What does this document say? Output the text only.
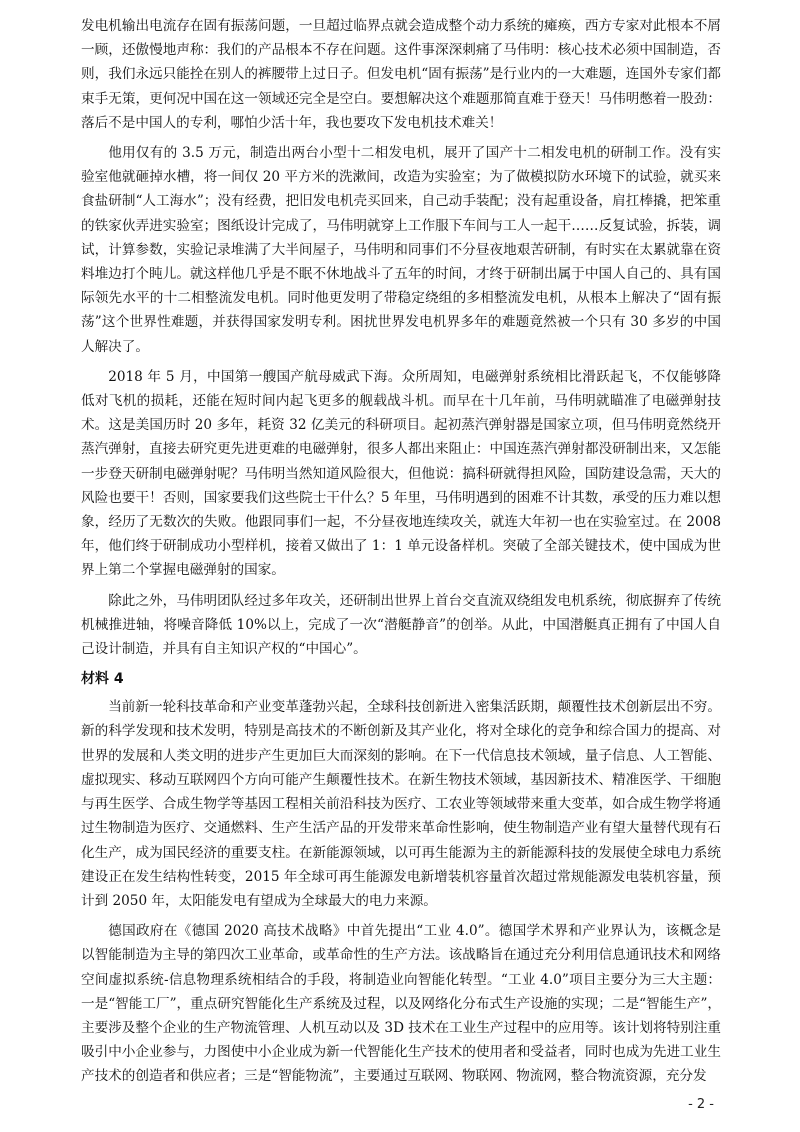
发电机输出电流存在固有振荡问题，一旦超过临界点就会造成整个动力系统的瘫痪，西方专家对此根本不屑一顾，还傲慢地声称：我们的产品根本不存在问题。这件事深深刺痛了马伟明：核心技术必须中国制造，否则，我们永远只能拴在别人的裤腰带上过日子。但发电机“固有振荡”是行业内的一大难题，连国外专家们都束手无策，更何况中国在这一领域还完全是空白。要想解决这个难题那简直难于登天！马伟明憋着一股劲：落后不是中国人的专利，哪怕少活十年，我也要攻下发电机技术难关！

他用仅有的 3.5 万元，制造出两台小型十二相发电机，展开了国产十二相发电机的研制工作。没有实验室他就砸掉水槽，将一间仅 20 平方米的洗漱间，改造为实验室；为了做模拟防水环境下的试验，就买来食盐研制“人工海水”；没有经费，把旧发电机壳买回来，自己动手装配；没有起重设备，肩扛棒撬，把笨重的铁家伙弄进实验室；图纸设计完成了，马伟明就穿上工作服下车间与工人一起干……反复试验，拆装，调试，计算参数，实验记录堆满了大半间屋子，马伟明和同事们不分昼夜地艰苦研制，有时实在太累就靠在资料堆边打个盹儿。就这样他几乎是不眠不休地战斗了五年的时间，才终于研制出属于中国人自己的、具有国际领先水平的十二相整流发电机。同时他更发明了带稳定绕组的多相整流发电机，从根本上解决了“固有振荡”这个世界性难题，并获得国家发明专利。困扰世界发电机界多年的难题竟然被一个只有 30 多岁的中国人解决了。

2018 年 5 月，中国第一艘国产航母威武下海。众所周知，电磁弹射系统相比滑跃起飞，不仅能够降低对飞机的损耗，还能在短时间内起飞更多的舰载战斗机。而早在十几年前，马伟明就瞄准了电磁弹射技术。这是美国历时 20 多年，耗资 32 亿美元的科研项目。起初蒸汽弹射器是国家立项，但马伟明竟然绕开蒸汽弹射，直接去研究更先进更难的电磁弹射，很多人都出来阻止：中国连蒸汽弹射都没研制出来，又怎能一步登天研制电磁弹射呢？马伟明当然知道风险很大，但他说：搞科研就得担风险，国防建设急需，天大的风险也要干！否则，国家要我们这些院士干什么？5 年里，马伟明遇到的困难不计其数，承受的压力难以想象，经历了无数次的失败。他跟同事们一起，不分昼夜地连续攻关，就连大年初一也在实验室过。在 2008 年，他们终于研制成功小型样机，接着又做出了 1：1 单元设备样机。突破了全部关键技术，使中国成为世界上第二个掌握电磁弹射的国家。

除此之外，马伟明团队经过多年攻关，还研制出世界上首台交直流双绕组发电机系统，彻底摒弃了传统机械推进轴，将噪音降低 10%以上，完成了一次“潜艇静音”的创举。从此，中国潜艇真正拥有了中国人自己设计制造，并具有自主知识产权的“中国心”。

材料 4

当前新一轮科技革命和产业变革蓬勃兴起，全球科技创新进入密集活跃期，颠覆性技术创新层出不穷。新的科学发现和技术发明，特别是高技术的不断创新及其产业化，将对全球化的竞争和综合国力的提高、对世界的发展和人类文明的进步产生更加巨大而深刻的影响。在下一代信息技术领域，量子信息、人工智能、虚拟现实、移动互联网四个方向可能产生颠覆性技术。在新生物技术领域，基因新技术、精准医学、干细胞与再生医学、合成生物学等基因工程相关前沿科技为医疗、工农业等领域带来重大变革，如合成生物学将通过生物制造为医疗、交通燃料、生产生活产品的开发带来革命性影响，使生物制造产业有望大量替代现有石化生产，成为国民经济的重要支柱。在新能源领域，以可再生能源为主的新能源科技的发展使全球电力系统建设正在发生结构性转变，2015 年全球可再生能源发电新增装机容量首次超过常规能源发电装机容量，预计到 2050 年，太阳能发电有望成为全球最大的电力来源。

德国政府在《德国 2020 高技术战略》中首先提出“工业 4.0”。德国学术界和产业界认为，该概念是以智能制造为主导的第四次工业革命，或革命性的生产方法。该战略旨在通过充分利用信息通讯技术和网络空间虚拟系统-信息物理系统相结合的手段，将制造业向智能化转型。“工业 4.0”项目主要分为三大主题：一是“智能工厂”，重点研究智能化生产系统及过程，以及网络化分布式生产设施的实现；二是“智能生产”，主要涉及整个企业的生产物流管理、人机互动以及 3D 技术在工业生产过程中的应用等。该计划将特别注重吸引中小企业参与，力图使中小企业成为新一代智能化生产技术的使用者和受益者，同时也成为先进工业生产技术的创造者和供应者；三是“智能物流”，主要通过互联网、物联网、物流网，整合物流资源，充分发

- 2 -
